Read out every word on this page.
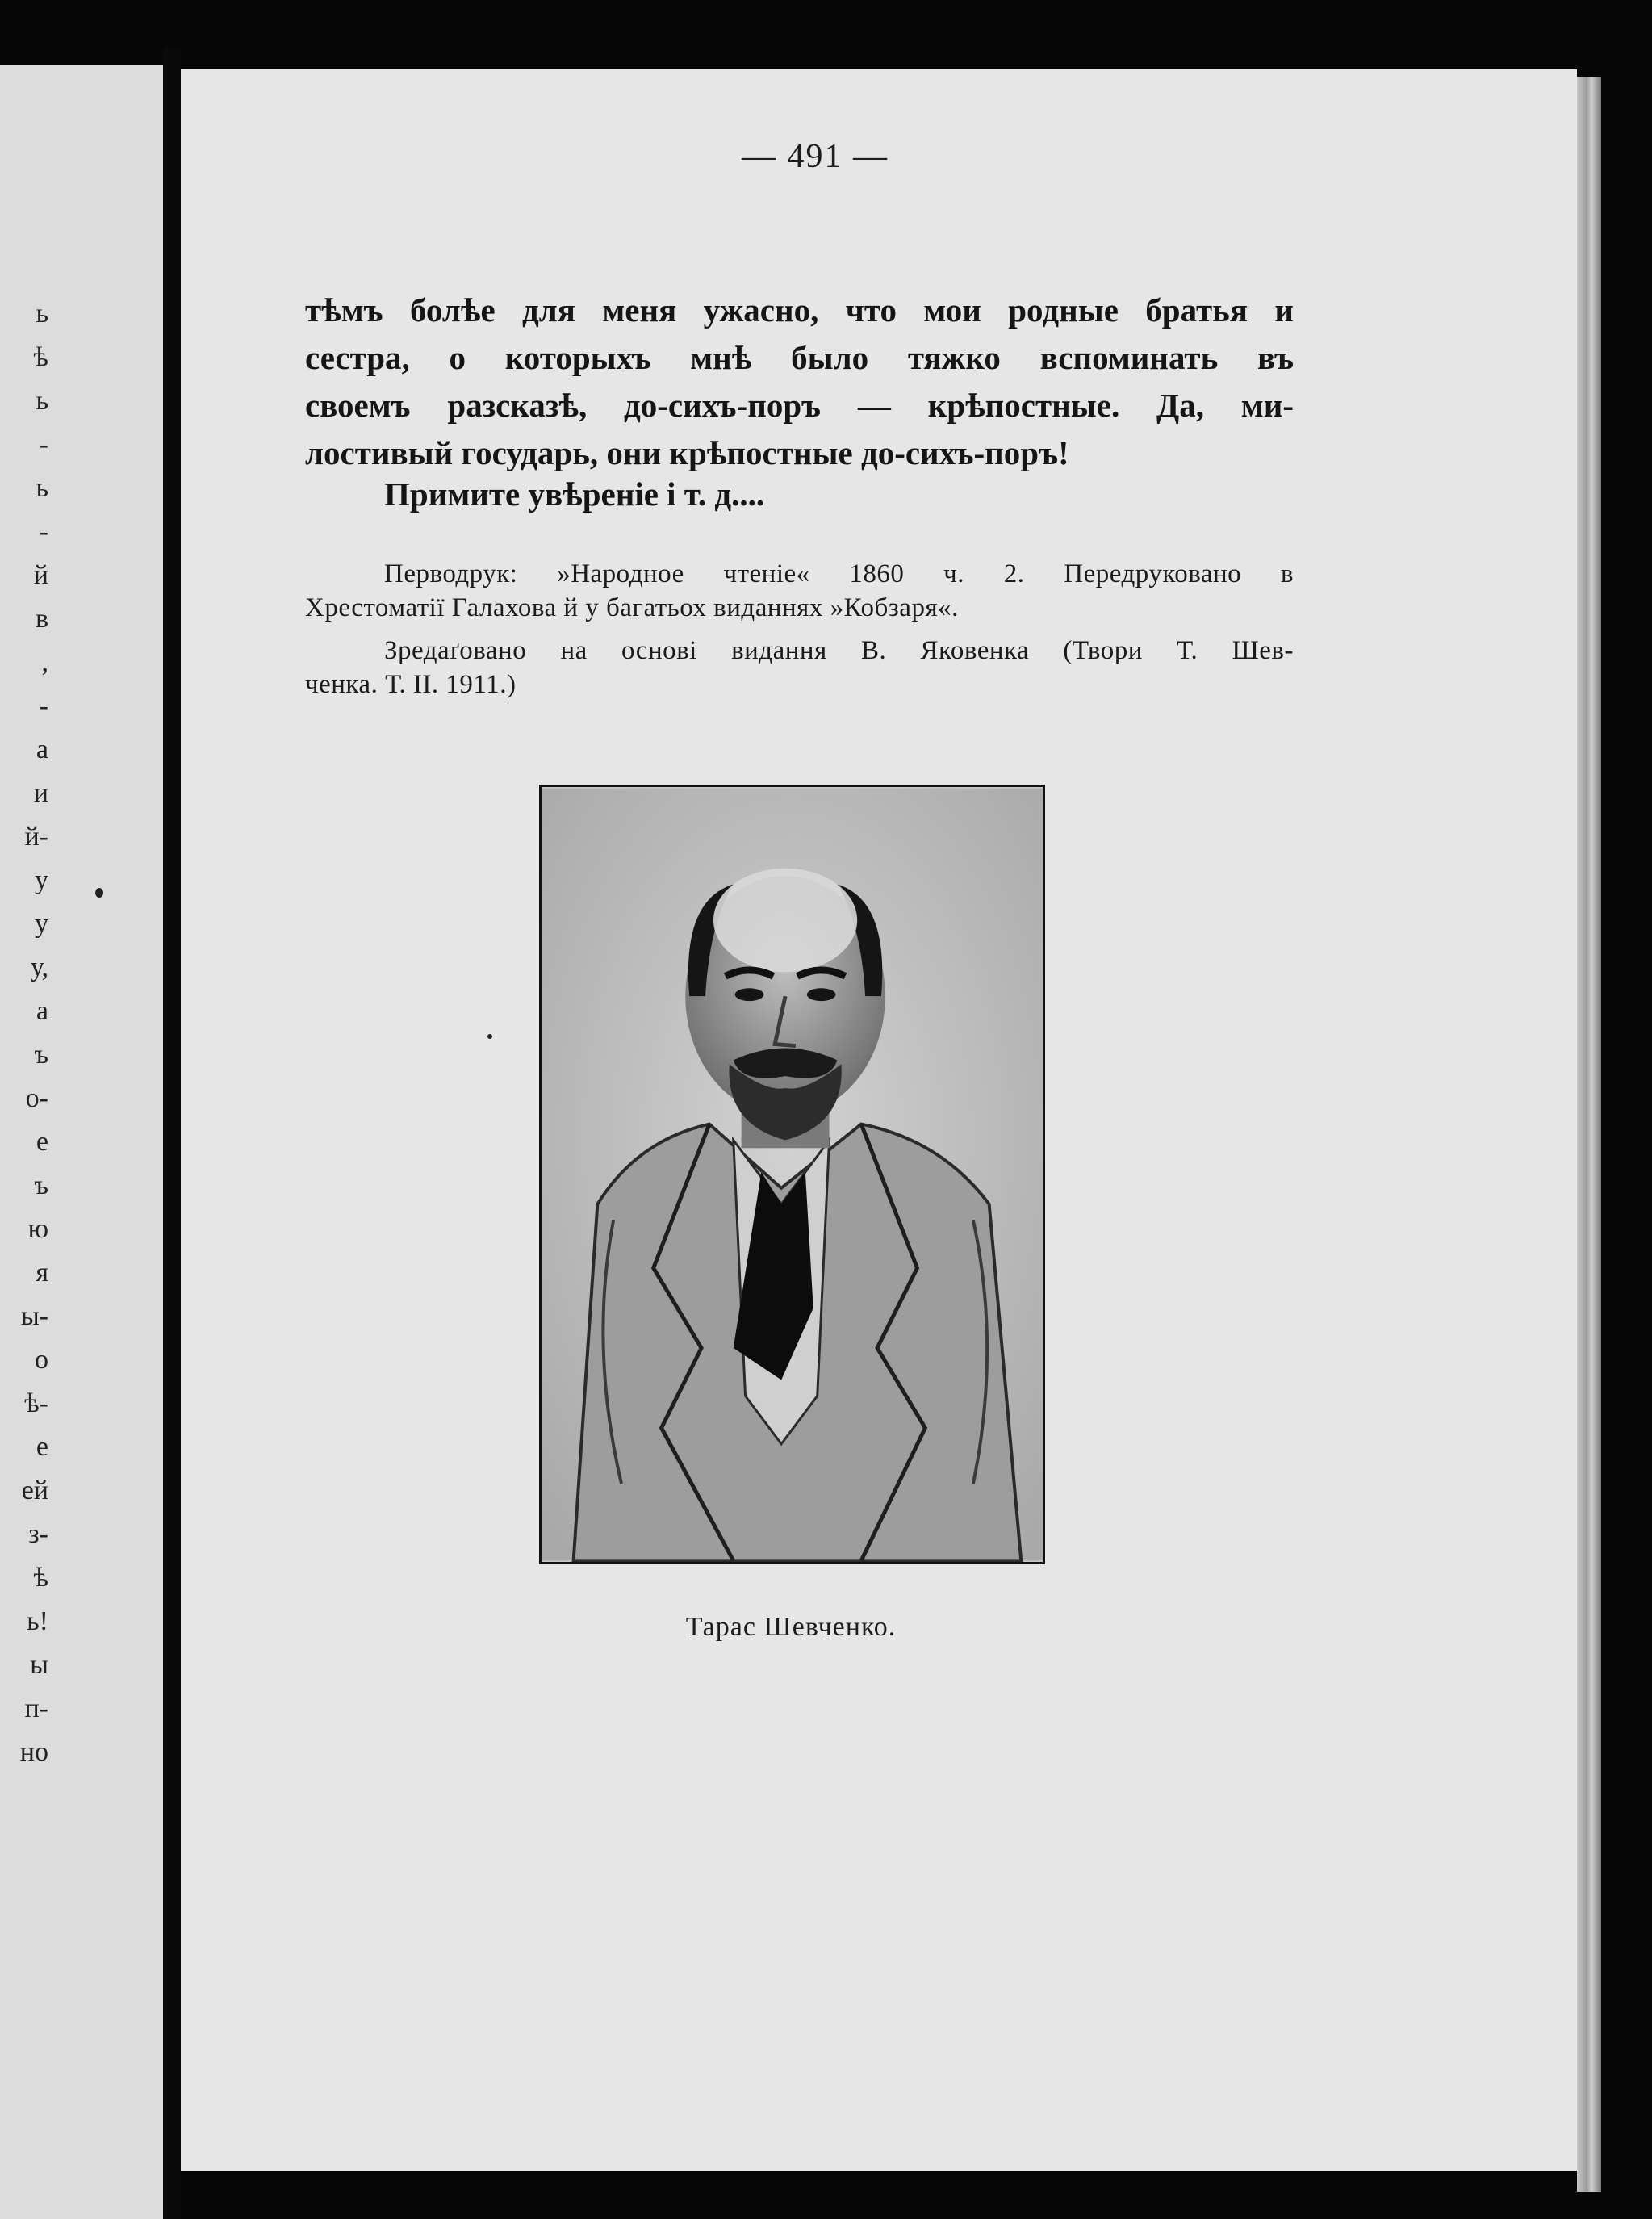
ь
ѣ
ь
-
ь
-
й
в
,
-
а
и
й-
у
у
у,
а
ъ
о-
е
ъ
ю
я
ы-
о
ѣ-
е
ей
з-
ѣ
ь!
ы
п-
но
— 491 —

тѣмъ болѣе для меня ужасно, что мои родные братья и
сестра, о которыхъ мнѣ было тяжко вспоминать въ
своемъ разсказѣ, до-сихъ-поръ — крѣпостные. Да, ми-
лостивый государь, они крѣпостные до-сихъ-поръ!

Примите увѣреніе і т. д....

Перводрук: »Народное чтеніе« 1860 ч. 2. Передруковано в
Хрестоматії Галахова й у багатьох виданнях »Кобзаря«.

Зредаґовано на основі видання В. Яковенка (Твори Т. Шев-
ченка. Т. II. 1911.)

Тарас Шевченко.
